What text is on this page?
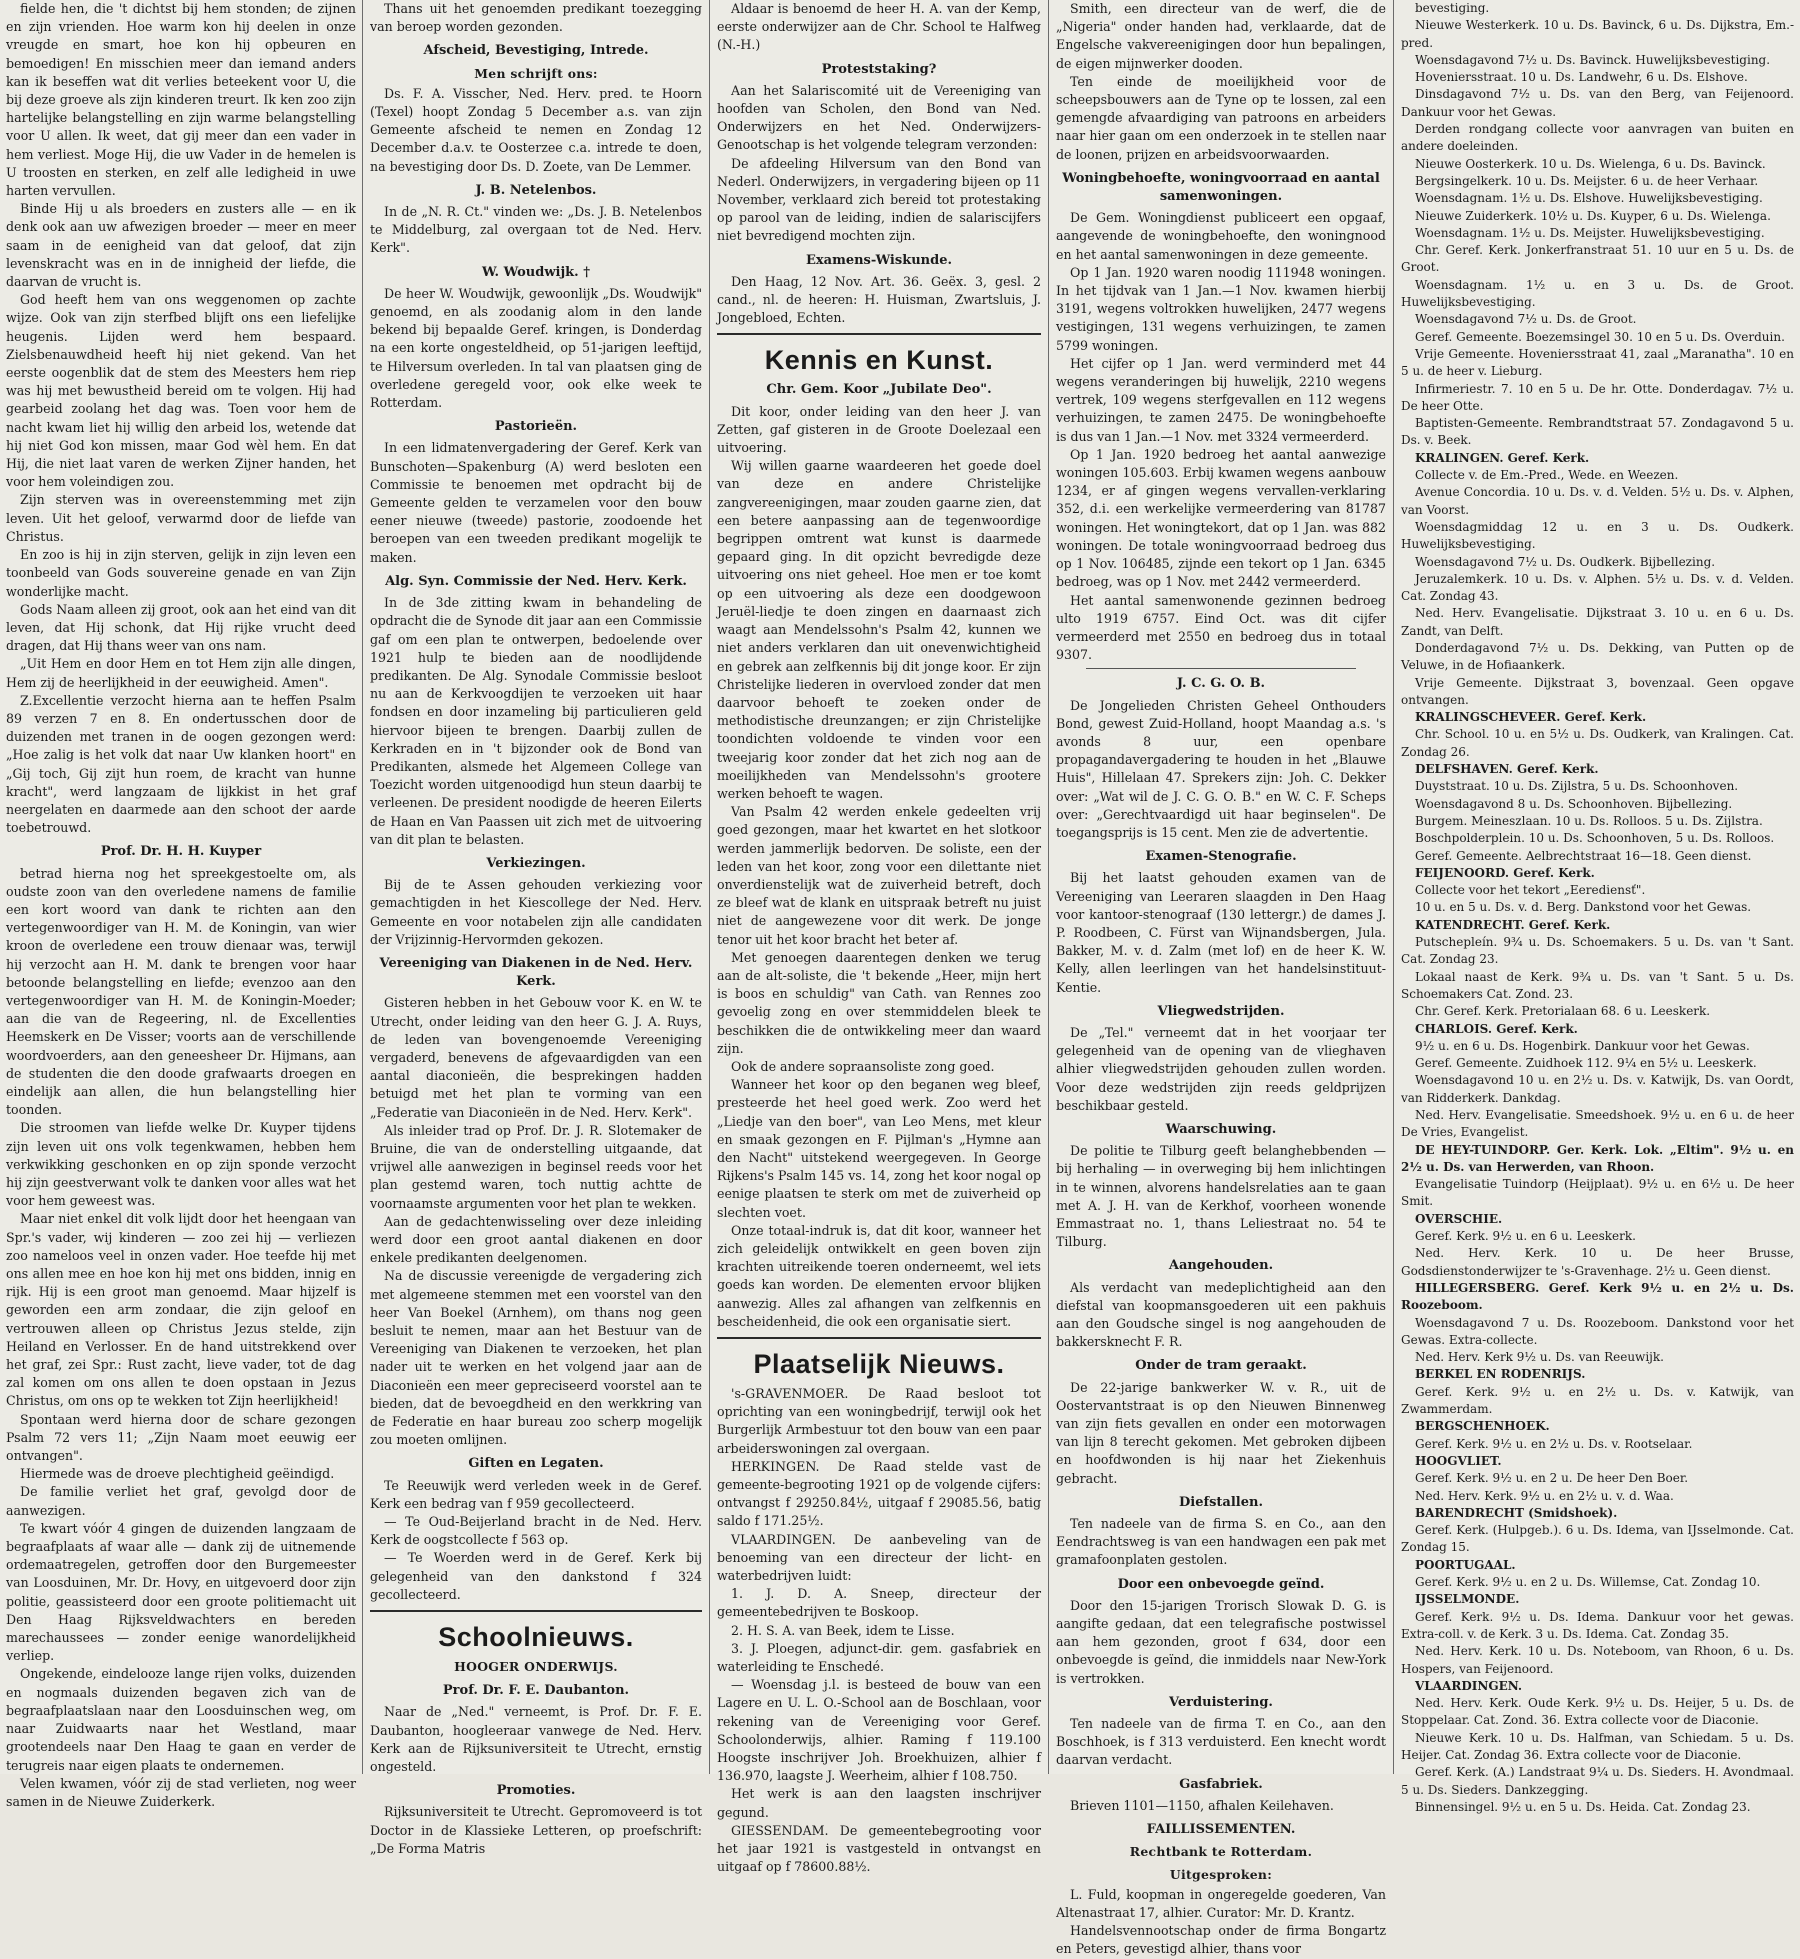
fielde hen, die 't dichtst bij hem stonden; de zijnen en zijn vrienden. Hoe warm kon hij deelen in onze vreugde en smart, hoe kon hij opbeuren en bemoedigen! En misschien meer dan iemand anders kan ik beseffen wat dit verlies beteekent voor U, die bij deze groeve als zijn kinderen treurt. Ik ken zoo zijn hartelijke belangstelling en zijn warme belangstelling voor U allen. Ik weet, dat gij meer dan een vader in hem verliest. Moge Hij, die uw Vader in de hemelen is U troosten en sterken, en zelf alle ledigheid in uwe harten vervullen.

Binde Hij u als broeders en zusters alle — en ik denk ook aan uw afwezigen broeder — meer en meer saam in de eenigheid van dat geloof, dat zijn levenskracht was en in de innigheid der liefde, die daarvan de vrucht is.

God heeft hem van ons weggenomen op zachte wijze. Ook van zijn sterfbed blijft ons een liefelijke heugenis. Lijden werd hem bespaard. Zielsbenauwdheid heeft hij niet gekend. Van het eerste oogenblik dat de stem des Meesters hem riep was hij met bewustheid bereid om te volgen. Hij had gearbeid zoolang het dag was. Toen voor hem de nacht kwam liet hij willig den arbeid los, wetende dat hij niet God kon missen, maar God wèl hem. En dat Hij, die niet laat varen de werken Zijner handen, het voor hem voleindigen zou.

Zijn sterven was in overeenstemming met zijn leven. Uit het geloof, verwarmd door de liefde van Christus.

En zoo is hij in zijn sterven, gelijk in zijn leven een toonbeeld van Gods souvereine genade en van Zijn wonderlijke macht.

Gods Naam alleen zij groot, ook aan het eind van dit leven, dat Hij schonk, dat Hij rijke vrucht deed dragen, dat Hij thans weer van ons nam.

„Uit Hem en door Hem en tot Hem zijn alle dingen, Hem zij de heerlijkheid in der eeuwigheid. Amen".

Z.Excellentie verzocht hierna aan te heffen Psalm 89 verzen 7 en 8. En ondertusschen door de duizenden met tranen in de oogen gezongen werd: „Hoe zalig is het volk dat naar Uw klanken hoort" en „Gij toch, Gij zijt hun roem, de kracht van hunne kracht", werd langzaam de lijkkist in het graf neergelaten en daarmede aan den schoot der aarde toebetrouwd.

Prof. Dr. H. H. Kuyper

betrad hierna nog het spreekgestoelte om, als oudste zoon van den overledene namens de familie een kort woord van dank te richten aan den vertegenwoordiger van H. M. de Koningin, van wier kroon de overledene een trouw dienaar was, terwijl hij verzocht aan H. M. dank te brengen voor haar betoonde belangstelling en liefde; evenzoo aan den vertegenwoordiger van H. M. de Koningin-Moeder; aan die van de Regeering, nl. de Excellenties Heemskerk en De Visser; voorts aan de verschillende woordvoerders, aan den geneesheer Dr. Hijmans, aan de studenten die den doode grafwaarts droegen en eindelijk aan allen, die hun belangstelling hier toonden.

Die stroomen van liefde welke Dr. Kuyper tijdens zijn leven uit ons volk tegenkwamen, hebben hem verkwikking geschonken en op zijn sponde verzocht hij zijn geestverwant volk te danken voor alles wat het voor hem geweest was.

Maar niet enkel dit volk lijdt door het heengaan van Spr.'s vader, wij kinderen — zoo zei hij — verliezen zoo nameloos veel in onzen vader. Hoe teefde hij met ons allen mee en hoe kon hij met ons bidden, innig en rijk. Hij is een groot man genoemd. Maar hijzelf is geworden een arm zondaar, die zijn geloof en vertrouwen alleen op Christus Jezus stelde, zijn Heiland en Verlosser. En de hand uitstrekkend over het graf, zei Spr.: Rust zacht, lieve vader, tot de dag zal komen om ons allen te doen opstaan in Jezus Christus, om ons op te wekken tot Zijn heerlijkheid!

Spontaan werd hierna door de schare gezongen Psalm 72 vers 11; „Zijn Naam moet eeuwig eer ontvangen".

Hiermede was de droeve plechtigheid geëindigd.

De familie verliet het graf, gevolgd door de aanwezigen.

Te kwart vóór 4 gingen de duizenden langzaam de begraafplaats af waar alle — dank zij de uitnemende ordemaatregelen, getroffen door den Burgemeester van Loosduinen, Mr. Dr. Hovy, en uitgevoerd door zijn politie, geassisteerd door een groote politiemacht uit Den Haag Rijksveldwachters en bereden marechaussees — zonder eenige wanordelijkheid verliep.

Ongekende, eindelooze lange rijen volks, duizenden en nogmaals duizenden begaven zich van de begraafplaatslaan naar den Loosduinschen weg, om naar Zuidwaarts naar het Westland, maar grootendeels naar Den Haag te gaan en verder de terugreis naar eigen plaats te ondernemen.

Velen kwamen, vóór zij de stad verlieten, nog weer samen in de Nieuwe Zuiderkerk.

Thans uit het genoemden predikant toezegging van beroep worden gezonden.

Afscheid, Bevestiging, Intrede.
Men schrijft ons:

Ds. F. A. Visscher, Ned. Herv. pred. te Hoorn (Texel) hoopt Zondag 5 December a.s. van zijn Gemeente afscheid te nemen en Zondag 12 December d.a.v. te Oosterzee c.a. intrede te doen, na bevestiging door Ds. D. Zoete, van De Lemmer.

J. B. Netelenbos.

In de „N. R. Ct." vinden we: „Ds. J. B. Netelenbos te Middelburg, zal overgaan tot de Ned. Herv. Kerk".

W. Woudwijk. †

De heer W. Woudwijk, gewoonlijk „Ds. Woudwijk" genoemd, en als zoodanig alom in den lande bekend bij bepaalde Geref. kringen, is Donderdag na een korte ongesteldheid, op 51-jarigen leeftijd, te Hilversum overleden. In tal van plaatsen ging de overledene geregeld voor, ook elke week te Rotterdam.

Pastorieën.

In een lidmatenvergadering der Geref. Kerk van Bunschoten—Spakenburg (A) werd besloten een Commissie te benoemen met opdracht bij de Gemeente gelden te verzamelen voor den bouw eener nieuwe (tweede) pastorie, zoodoende het beroepen van een tweeden predikant mogelijk te maken.

Alg. Syn. Commissie der Ned. Herv. Kerk.

In de 3de zitting kwam in behandeling de opdracht die de Synode dit jaar aan een Commissie gaf om een plan te ontwerpen, bedoelende over 1921 hulp te bieden aan de noodlijdende predikanten. De Alg. Synodale Commissie besloot nu aan de Kerkvoogdijen te verzoeken uit haar fondsen en door inzameling bij particulieren geld hiervoor bijeen te brengen. Daarbij zullen de Kerkraden en in 't bijzonder ook de Bond van Predikanten, alsmede het Algemeen College van Toezicht worden uitgenoodigd hun steun daarbij te verleenen. De president noodigde de heeren Eilerts de Haan en Van Paassen uit zich met de uitvoering van dit plan te belasten.

Verkiezingen.

Bij de te Assen gehouden verkiezing voor gemachtigden in het Kiescollege der Ned. Herv. Gemeente en voor notabelen zijn alle candidaten der Vrijzinnig-Hervormden gekozen.

Vereeniging van Diakenen in de Ned. Herv. Kerk.

Gisteren hebben in het Gebouw voor K. en W. te Utrecht, onder leiding van den heer G. J. A. Ruys, de leden van bovengenoemde Vereeniging vergaderd, benevens de afgevaardigden van een aantal diaconieën, die besprekingen hadden betuigd met het plan te vorming van een „Federatie van Diaconieën in de Ned. Herv. Kerk".

Als inleider trad op Prof. Dr. J. R. Slotemaker de Bruine, die van de onderstelling uitgaande, dat vrijwel alle aanwezigen in beginsel reeds voor het plan gestemd waren, toch nuttig achtte de voornaamste argumenten voor het plan te wekken.

Aan de gedachtenwisseling over deze inleiding werd door een groot aantal diakenen en door enkele predikanten deelgenomen.

Na de discussie vereenigde de vergadering zich met algemeene stemmen met een voorstel van den heer Van Boekel (Arnhem), om thans nog geen besluit te nemen, maar aan het Bestuur van de Vereeniging van Diakenen te verzoeken, het plan nader uit te werken en het volgend jaar aan de Diaconieën een meer gepreciseerd voorstel aan te bieden, dat de bevoegdheid en den werkkring van de Federatie en haar bureau zoo scherp mogelijk zou moeten omlijnen.

Giften en Legaten.

Te Reeuwijk werd verleden week in de Geref. Kerk een bedrag van f 959 gecollecteerd.

— Te Oud-Beijerland bracht in de Ned. Herv. Kerk de oogstcollecte f 563 op.

— Te Woerden werd in de Geref. Kerk bij gelegenheid van den dankstond f 324 gecollecteerd.

Schoolnieuws.
HOOGER ONDERWIJS.
Prof. Dr. F. E. Daubanton.

Naar de „Ned." verneemt, is Prof. Dr. F. E. Daubanton, hoogleeraar vanwege de Ned. Herv. Kerk aan de Rijksuniversiteit te Utrecht, ernstig ongesteld.

Promoties.

Rijksuniversiteit te Utrecht. Gepromoveerd is tot Doctor in de Klassieke Letteren, op proefschrift: „De Forma Matris

Aldaar is benoemd de heer H. A. van der Kemp, eerste onderwijzer aan de Chr. School te Halfweg (N.-H.)

Proteststaking?

Aan het Salariscomité uit de Vereeniging van hoofden van Scholen, den Bond van Ned. Onderwijzers en het Ned. Onderwijzers-Genootschap is het volgende telegram verzonden:

De afdeeling Hilversum van den Bond van Nederl. Onderwijzers, in vergadering bijeen op 11 November, verklaard zich bereid tot protestaking op parool van de leiding, indien de salariscijfers niet bevredigend mochten zijn.

Examens-Wiskunde.

Den Haag, 12 Nov. Art. 36. Geëx. 3, gesl. 2 cand., nl. de heeren: H. Huisman, Zwartsluis, J. Jongebloed, Echten.

Kennis en Kunst.
Chr. Gem. Koor „Jubilate Deo".

Dit koor, onder leiding van den heer J. van Zetten, gaf gisteren in de Groote Doelezaal een uitvoering.

Wij willen gaarne waardeeren het goede doel van deze en andere Christelijke zangvereenigingen, maar zouden gaarne zien, dat een betere aanpassing aan de tegenwoordige begrippen omtrent wat kunst is daarmede gepaard ging. In dit opzicht bevredigde deze uitvoering ons niet geheel. Hoe men er toe komt op een uitvoering als deze een doodgewoon Jeruël-liedje te doen zingen en daarnaast zich waagt aan Mendelssohn's Psalm 42, kunnen we niet anders verklaren dan uit onevenwichtigheid en gebrek aan zelfkennis bij dit jonge koor. Er zijn Christelijke liederen in overvloed zonder dat men daarvoor behoeft te zoeken onder de methodistische dreunzangen; er zijn Christelijke toondichten voldoende te vinden voor een tweejarig koor zonder dat het zich nog aan de moeilijkheden van Mendelssohn's grootere werken behoeft te wagen.

Van Psalm 42 werden enkele gedeelten vrij goed gezongen, maar het kwartet en het slotkoor werden jammerlijk bedorven. De soliste, een der leden van het koor, zong voor een dilettante niet onverdienstelijk wat de zuiverheid betreft, doch ze bleef wat de klank en uitspraak betreft nu juist niet de aangewezene voor dit werk. De jonge tenor uit het koor bracht het beter af.

Met genoegen daarentegen denken we terug aan de alt-soliste, die 't bekende „Heer, mijn hert is boos en schuldig" van Cath. van Rennes zoo gevoelig zong en over stemmiddelen bleek te beschikken die de ontwikkeling meer dan waard zijn.

Ook de andere sopraansoliste zong goed.

Wanneer het koor op den beganen weg bleef, presteerde het heel goed werk. Zoo werd het „Liedje van den boer", van Leo Mens, met kleur en smaak gezongen en F. Pijlman's „Hymne aan den Nacht" uitstekend weergegeven. In George Rijkens's Psalm 145 vs. 14, zong het koor nogal op eenige plaatsen te sterk om met de zuiverheid op slechten voet.

Onze totaal-indruk is, dat dit koor, wanneer het zich geleidelijk ontwikkelt en geen boven zijn krachten uitreikende toeren onderneemt, wel iets goeds kan worden. De elementen ervoor blijken aanwezig. Alles zal afhangen van zelfkennis en bescheidenheid, die ook een organisatie siert.

Plaatselijk Nieuws.

's-GRAVENMOER. De Raad besloot tot oprichting van een woningbedrijf, terwijl ook het Burgerlijk Armbestuur tot den bouw van een paar arbeiderswoningen zal overgaan.

HERKINGEN. De Raad stelde vast de gemeente-begrooting 1921 op de volgende cijfers: ontvangst f 29250.84½, uitgaaf f 29085.56, batig saldo f 171.25½.

VLAARDINGEN. De aanbeveling van de benoeming van een directeur der licht- en waterbedrijven luidt:

1. J. D. A. Sneep, directeur der gemeentebedrijven te Boskoop.

2. H. S. A. van Beek, idem te Lisse.

3. J. Ploegen, adjunct-dir. gem. gasfabriek en waterleiding te Enschedé.

— Woensdag j.l. is besteed de bouw van een Lagere en U. L. O.-School aan de Boschlaan, voor rekening van de Vereeniging voor Geref. Schoolonderwijs, alhier. Raming f 119.100 Hoogste inschrijver Joh. Broekhuizen, alhier f 136.970, laagste J. Weerheim, alhier f 108.750.

Het werk is aan den laagsten inschrijver gegund.

GIESSENDAM. De gemeentebegrooting voor het jaar 1921 is vastgesteld in ontvangst en uitgaaf op f 78600.88½.

Smith, een directeur van de werf, die de „Nigeria" onder handen had, verklaarde, dat de Engelsche vakvereenigingen door hun bepalingen, de eigen mijnwerker dooden.

Ten einde de moeilijkheid voor de scheepsbouwers aan de Tyne op te lossen, zal een gemengde afvaardiging van patroons en arbeiders naar hier gaan om een onderzoek in te stellen naar de loonen, prijzen en arbeidsvoorwaarden.

Woningbehoefte, woningvoorraad en aantal samenwoningen.

De Gem. Woningdienst publiceert een opgaaf, aangevende de woningbehoefte, den woningnood en het aantal samenwoningen in deze gemeente.

Op 1 Jan. 1920 waren noodig 111948 woningen. In het tijdvak van 1 Jan.—1 Nov. kwamen hierbij 3191, wegens voltrokken huwelijken, 2477 wegens vestigingen, 131 wegens verhuizingen, te zamen 5799 woningen.

Het cijfer op 1 Jan. werd verminderd met 44 wegens veranderingen bij huwelijk, 2210 wegens vertrek, 109 wegens sterfgevallen en 112 wegens verhuizingen, te zamen 2475. De woningbehoefte is dus van 1 Jan.—1 Nov. met 3324 vermeerderd.

Op 1 Jan. 1920 bedroeg het aantal aanwezige woningen 105.603. Erbij kwamen wegens aanbouw 1234, er af gingen wegens vervallen-verklaring 352, d.i. een werkelijke vermeerdering van 81787 woningen. Het woningtekort, dat op 1 Jan. was 882 woningen. De totale woningvoorraad bedroeg dus op 1 Nov. 106485, zijnde een tekort op 1 Jan. 6345 bedroeg, was op 1 Nov. met 2442 vermeerderd.

Het aantal samenwonende gezinnen bedroeg ulto 1919 6757. Eind Oct. was dit cijfer vermeerderd met 2550 en bedroeg dus in totaal 9307.

J. C. G. O. B.

De Jongelieden Christen Geheel Onthouders Bond, gewest Zuid-Holland, hoopt Maandag a.s. 's avonds 8 uur, een openbare propagandavergadering te houden in het „Blauwe Huis", Hillelaan 47. Sprekers zijn: Joh. C. Dekker over: „Wat wil de J. C. G. O. B." en W. C. F. Scheps over: „Gerechtvaardigd uit haar beginselen". De toegangsprijs is 15 cent. Men zie de advertentie.

Examen-Stenografie.

Bij het laatst gehouden examen van de Vereeniging van Leeraren slaagden in Den Haag voor kantoor-stenograaf (130 lettergr.) de dames J. P. Roodbeen, C. Fürst van Wijnandsbergen, Jula. Bakker, M. v. d. Zalm (met lof) en de heer K. W. Kelly, allen leerlingen van het handelsinstituut-Kentie.

Vliegwedstrijden.

De „Tel." verneemt dat in het voorjaar ter gelegenheid van de opening van de vlieghaven alhier vliegwedstrijden gehouden zullen worden. Voor deze wedstrijden zijn reeds geldprijzen beschikbaar gesteld.

Waarschuwing.

De politie te Tilburg geeft belanghebbenden — bij herhaling — in overweging bij hem inlichtingen in te winnen, alvorens handelsrelaties aan te gaan met A. J. H. van de Kerkhof, voorheen wonende Emmastraat no. 1, thans Leliestraat no. 54 te Tilburg.

Aangehouden.

Als verdacht van medeplichtigheid aan den diefstal van koopmansgoederen uit een pakhuis aan den Goudsche singel is nog aangehouden de bakkersknecht F. R.

Onder de tram geraakt.

De 22-jarige bankwerker W. v. R., uit de Oostervantstraat is op den Nieuwen Binnenweg van zijn fiets gevallen en onder een motorwagen van lijn 8 terecht gekomen. Met gebroken dijbeen en hoofdwonden is hij naar het Ziekenhuis gebracht.

Diefstallen.

Ten nadeele van de firma S. en Co., aan den Eendrachtsweg is van een handwagen een pak met gramafoonplaten gestolen.

Door een onbevoegde geïnd.

Door den 15-jarigen Trorisch Slowak D. G. is aangifte gedaan, dat een telegrafische postwissel aan hem gezonden, groot f 634, door een onbevoegde is geïnd, die inmiddels naar New-York is vertrokken.

Verduistering.

Ten nadeele van de firma T. en Co., aan den Boschhoek, is f 313 verduisterd. Een knecht wordt daarvan verdacht.

Gasfabriek.

Brieven 1101—1150, afhalen Keilehaven.

FAILLISSEMENTEN.
Rechtbank te Rotterdam.
Uitgesproken:

L. Fuld, koopman in ongeregelde goederen, Van Altenastraat 17, alhier. Curator: Mr. D. Krantz.

Handelsvennootschap onder de firma Bongartz en Peters, gevestigd alhier, thans voor

bevestiging.

Nieuwe Westerkerk. 10 u. Ds. Bavinck, 6 u. Ds. Dijkstra, Em.-pred.

Woensdagavond 7½ u. Ds. Bavinck. Huwelijksbevestiging.

Hoveniersstraat. 10 u. Ds. Landwehr, 6 u. Ds. Elshove.

Dinsdagavond 7½ u. Ds. van den Berg, van Feijenoord. Dankuur voor het Gewas.

Derden rondgang collecte voor aanvragen van buiten en andere doeleinden.

Nieuwe Oosterkerk. 10 u. Ds. Wielenga, 6 u. Ds. Bavinck.

Bergsingelkerk. 10 u. Ds. Meijster. 6 u. de heer Verhaar.

Woensdagnam. 1½ u. Ds. Elshove. Huwelijksbevestiging.

Nieuwe Zuiderkerk. 10½ u. Ds. Kuyper, 6 u. Ds. Wielenga.

Woensdagnam. 1½ u. Ds. Meijster. Huwelijksbevestiging.

Chr. Geref. Kerk. Jonkerfranstraat 51. 10 uur en 5 u. Ds. de Groot.

Woensdagnam. 1½ u. en 3 u. Ds. de Groot. Huwelijksbevestiging.

Woensdagavond 7½ u. Ds. de Groot.

Geref. Gemeente. Boezemsingel 30. 10 en 5 u. Ds. Overduin.

Vrije Gemeente. Hoveniersstraat 41, zaal „Maranatha". 10 en 5 u. de heer v. Lieburg.

Infirmeriestr. 7. 10 en 5 u. De hr. Otte. Donderdagav. 7½ u. De heer Otte.

Baptisten-Gemeente. Rembrandtstraat 57. Zondagavond 5 u. Ds. v. Beek.

KRALINGEN. Geref. Kerk.

Collecte v. de Em.-Pred., Wede. en Weezen.

Avenue Concordia. 10 u. Ds. v. d. Velden. 5½ u. Ds. v. Alphen, van Voorst.

Woensdagmiddag 12 u. en 3 u. Ds. Oudkerk. Huwelijksbevestiging.

Woensdagavond 7½ u. Ds. Oudkerk. Bijbellezing.

Jeruzalemkerk. 10 u. Ds. v. Alphen. 5½ u. Ds. v. d. Velden. Cat. Zondag 43.

Ned. Herv. Evangelisatie. Dijkstraat 3. 10 u. en 6 u. Ds. Zandt, van Delft.

Donderdagavond 7½ u. Ds. Dekking, van Putten op de Veluwe, in de Hofiaankerk.

Vrije Gemeente. Dijkstraat 3, bovenzaal. Geen opgave ontvangen.

KRALINGSCHEVEER. Geref. Kerk.

Chr. School. 10 u. en 5½ u. Ds. Oudkerk, van Kralingen. Cat. Zondag 26.

DELFSHAVEN. Geref. Kerk.

Duyststraat. 10 u. Ds. Zijlstra, 5 u. Ds. Schoonhoven.

Woensdagavond 8 u. Ds. Schoonhoven. Bijbellezing.

Burgem. Meineszlaan. 10 u. Ds. Rolloos. 5 u. Ds. Zijlstra.

Boschpolderplein. 10 u. Ds. Schoonhoven, 5 u. Ds. Rolloos.

Geref. Gemeente. Aelbrechtstraat 16—18. Geen dienst.

FEIJENOORD. Geref. Kerk.

Collecte voor het tekort „Eerediensť".

10 u. en 5 u. Ds. v. d. Berg. Dankstond voor het Gewas.

KATENDRECHT. Geref. Kerk.

Putschepleín. 9¾ u. Ds. Schoemakers. 5 u. Ds. van 't Sant. Cat. Zondag 23.

Lokaal naast de Kerk. 9¾ u. Ds. van 't Sant. 5 u. Ds. Schoemakers Cat. Zond. 23.

Chr. Geref. Kerk. Pretorialaan 68. 6 u. Leeskerk.

CHARLOIS. Geref. Kerk.

9½ u. en 6 u. Ds. Hogenbirk. Dankuur voor het Gewas.

Geref. Gemeente. Zuidhoek 112. 9¼ en 5½ u. Leeskerk.

Woensdagavond 10 u. en 2½ u. Ds. v. Katwijk, Ds. van Oordt, van Ridderkerk. Dankdag.

Ned. Herv. Evangelisatie. Smeedshoek. 9½ u. en 6 u. de heer De Vries, Evangelist.

DE HEY-TUINDORP. Ger. Kerk. Lok. „Eltim". 9½ u. en 2½ u. Ds. van Herwerden, van Rhoon.

Evangelisatie Tuindorp (Heijplaat). 9½ u. en 6½ u. De heer Smit.

OVERSCHIE.

Geref. Kerk. 9½ u. en 6 u. Leeskerk.

Ned. Herv. Kerk. 10 u. De heer Brusse, Godsdienstonderwijzer te 's-Gravenhage. 2½ u. Geen dienst.

HILLEGERSBERG. Geref. Kerk 9½ u. en 2½ u. Ds. Roozeboom.

Woensdagavond 7 u. Ds. Roozeboom. Dankstond voor het Gewas. Extra-collecte.

Ned. Herv. Kerk 9½ u. Ds. van Reeuwijk.

BERKEL EN RODENRIJS.

Geref. Kerk. 9½ u. en 2½ u. Ds. v. Katwijk, van Zwammerdam.

BERGSCHENHOEK.

Geref. Kerk. 9½ u. en 2½ u. Ds. v. Rootselaar.

HOOGVLIET.

Geref. Kerk. 9½ u. en 2 u. De heer Den Boer.

Ned. Herv. Kerk. 9½ u. en 2½ u. v. d. Waa.

BARENDRECHT (Smidshoek).

Geref. Kerk. (Hulpgeb.). 6 u. Ds. Idema, van IJsselmonde. Cat. Zondag 15.

POORTUGAAL.

Geref. Kerk. 9½ u. en 2 u. Ds. Willemse, Cat. Zondag 10.

IJSSELMONDE.

Geref. Kerk. 9½ u. Ds. Idema. Dankuur voor het gewas. Extra-coll. v. de Kerk. 3 u. Ds. Idema. Cat. Zondag 35.

Ned. Herv. Kerk. 10 u. Ds. Noteboom, van Rhoon, 6 u. Ds. Hospers, van Feijenoord.

VLAARDINGEN.

Ned. Herv. Kerk. Oude Kerk. 9½ u. Ds. Heijer, 5 u. Ds. de Stoppelaar. Cat. Zond. 36. Extra collecte voor de Diaconie.

Nieuwe Kerk. 10 u. Ds. Halfman, van Schiedam. 5 u. Ds. Heijer. Cat. Zondag 36. Extra collecte voor de Diaconie.

Geref. Kerk. (A.) Landstraat 9¼ u. Ds. Sieders. H. Avondmaal. 5 u. Ds. Sieders. Dankzegging.

Binnensingel. 9½ u. en 5 u. Ds. Heida. Cat. Zondag 23.
